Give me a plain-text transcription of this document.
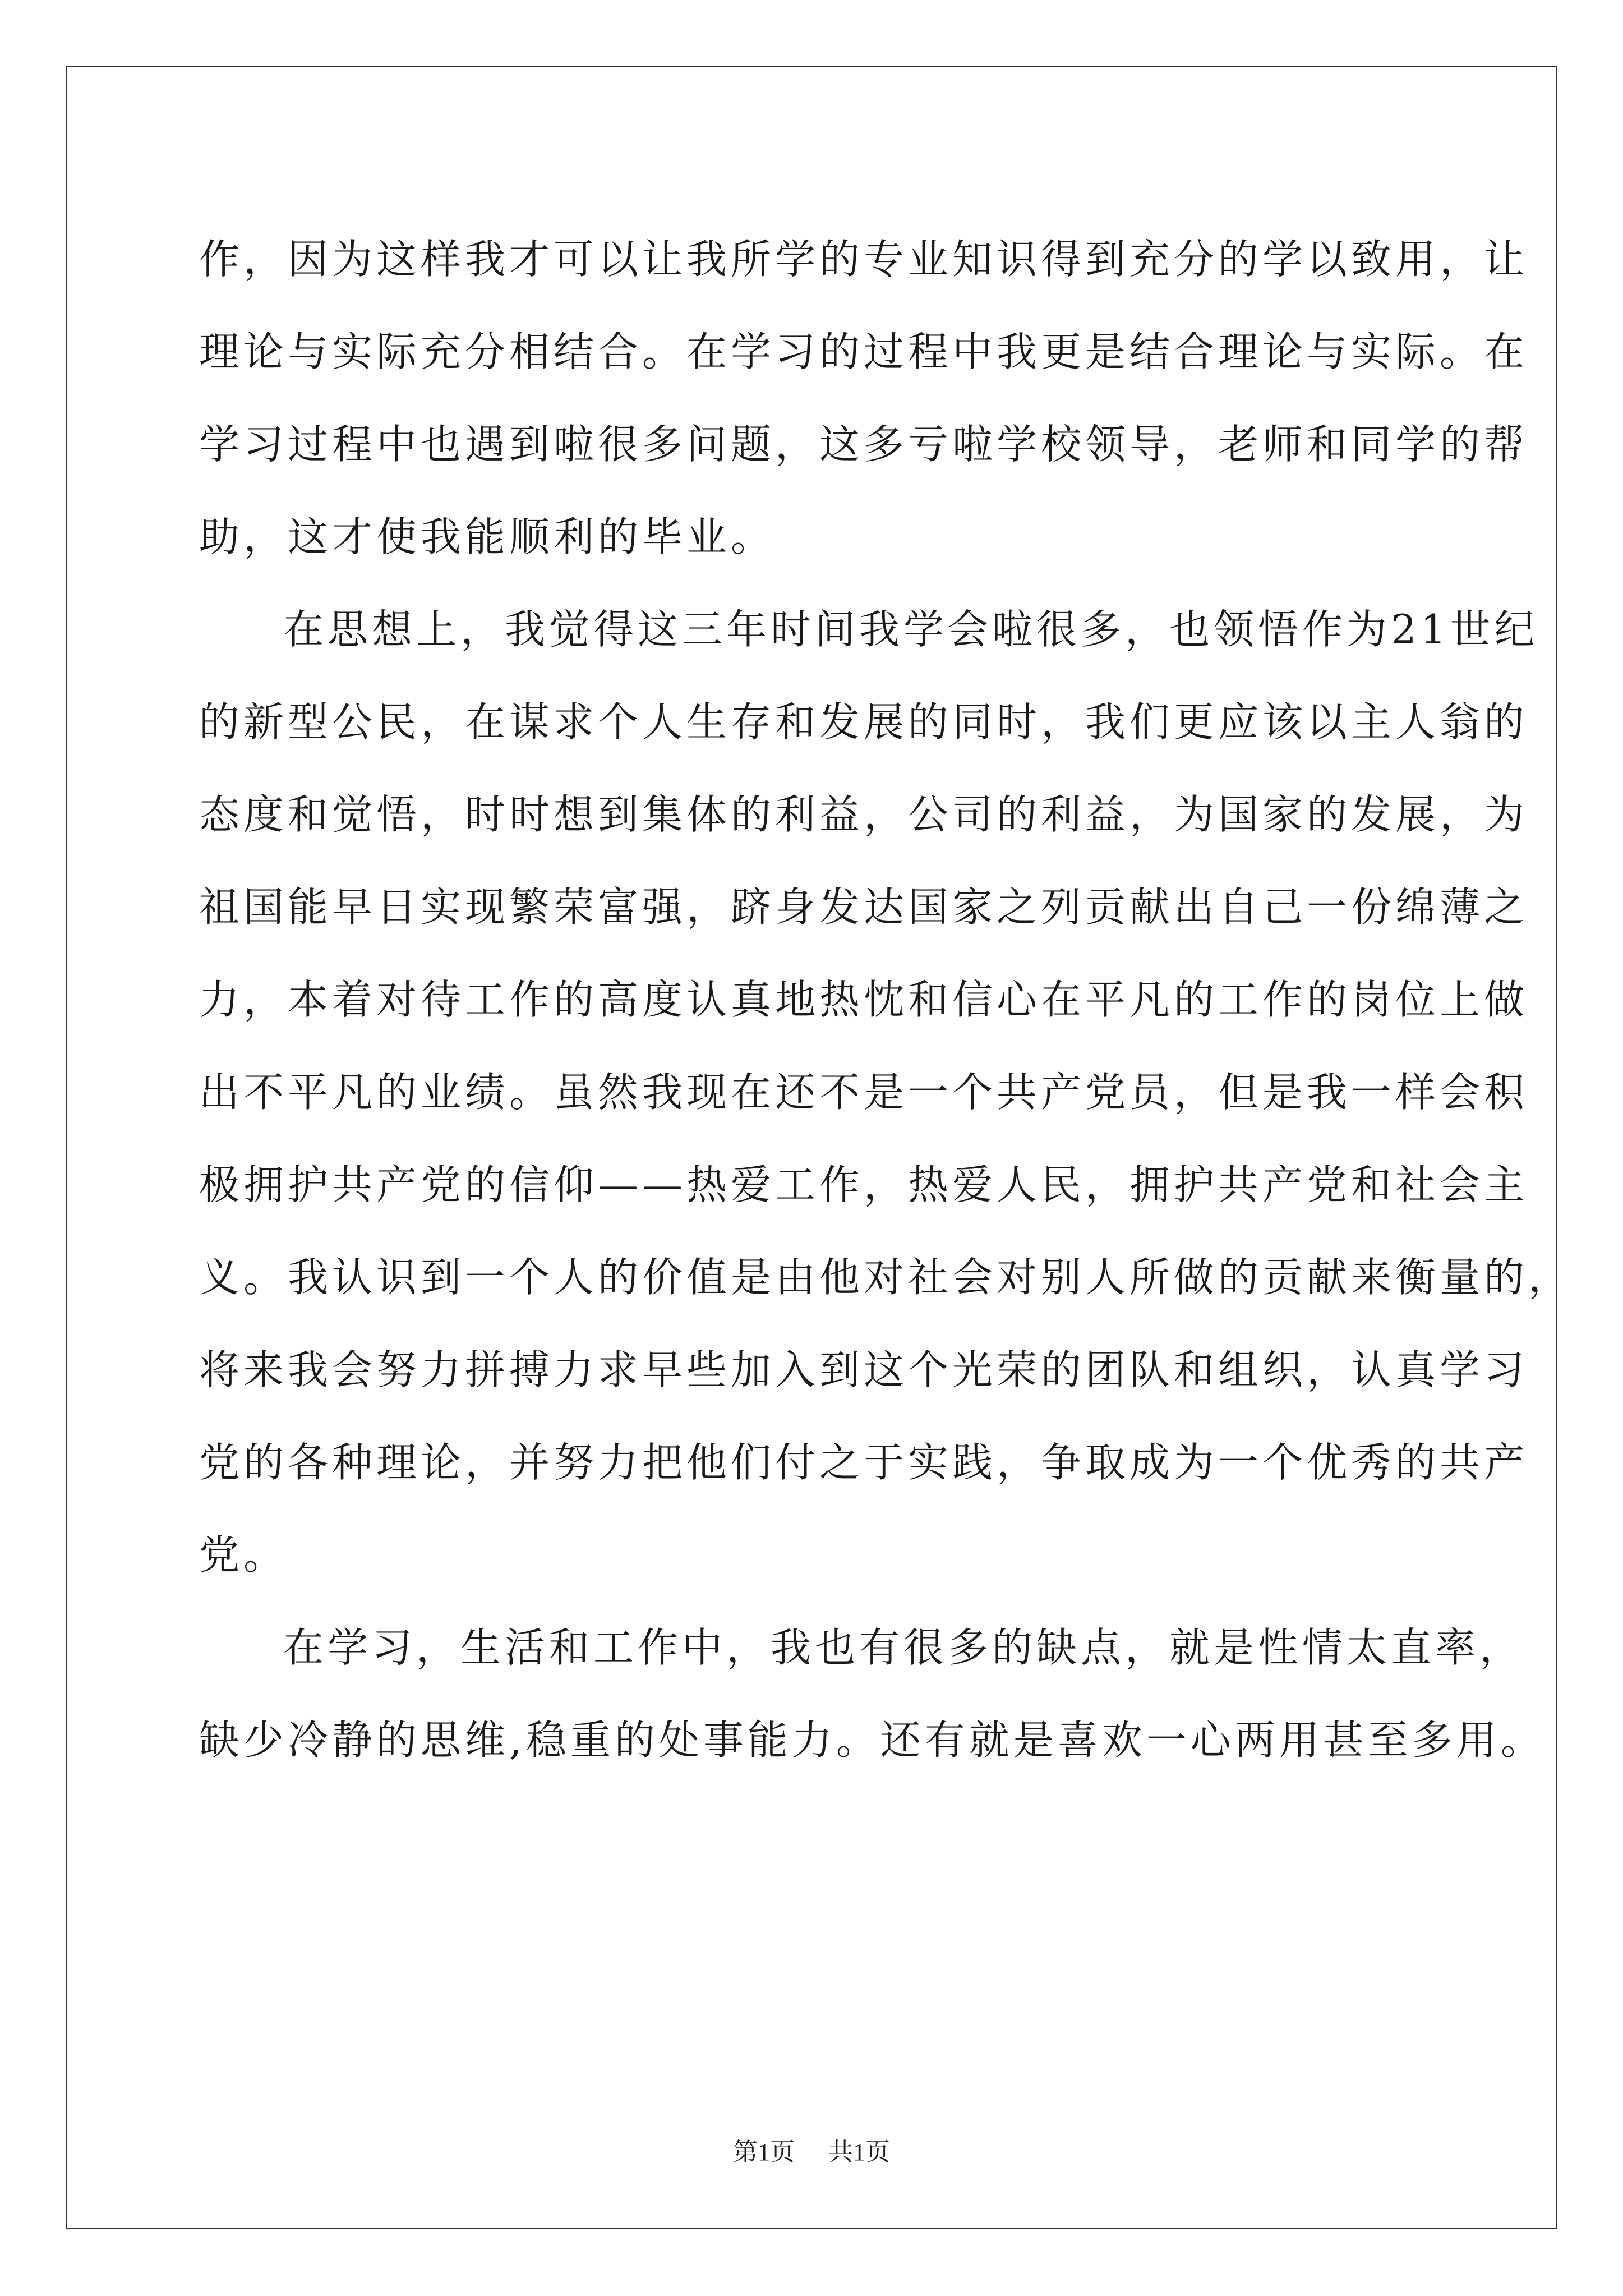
作，因为这样我才可以让我所学的专业知识得到充分的学以致用，让
理论与实际充分相结合。在学习的过程中我更是结合理论与实际。在
学习过程中也遇到啦很多问题，这多亏啦学校领导，老师和同学的帮
助，这才使我能顺利的毕业。
在思想上，我觉得这三年时间我学会啦很多，也领悟作为21世纪
的新型公民，在谋求个人生存和发展的同时，我们更应该以主人翁的
态度和觉悟，时时想到集体的利益，公司的利益，为国家的发展，为
祖国能早日实现繁荣富强，跻身发达国家之列贡献出自己一份绵薄之
力，本着对待工作的高度认真地热忱和信心在平凡的工作的岗位上做
出不平凡的业绩。虽然我现在还不是一个共产党员，但是我一样会积
极拥护共产党的信仰——热爱工作，热爱人民，拥护共产党和社会主
义。我认识到一个人的价值是由他对社会对别人所做的贡献来衡量的，
将来我会努力拼搏力求早些加入到这个光荣的团队和组织，认真学习
党的各种理论，并努力把他们付之于实践，争取成为一个优秀的共产
党。
在学习，生活和工作中，我也有很多的缺点，就是性情太直率，
缺少冷静的思维,稳重的处事能力。还有就是喜欢一心两用甚至多用。
第1页 共1页
